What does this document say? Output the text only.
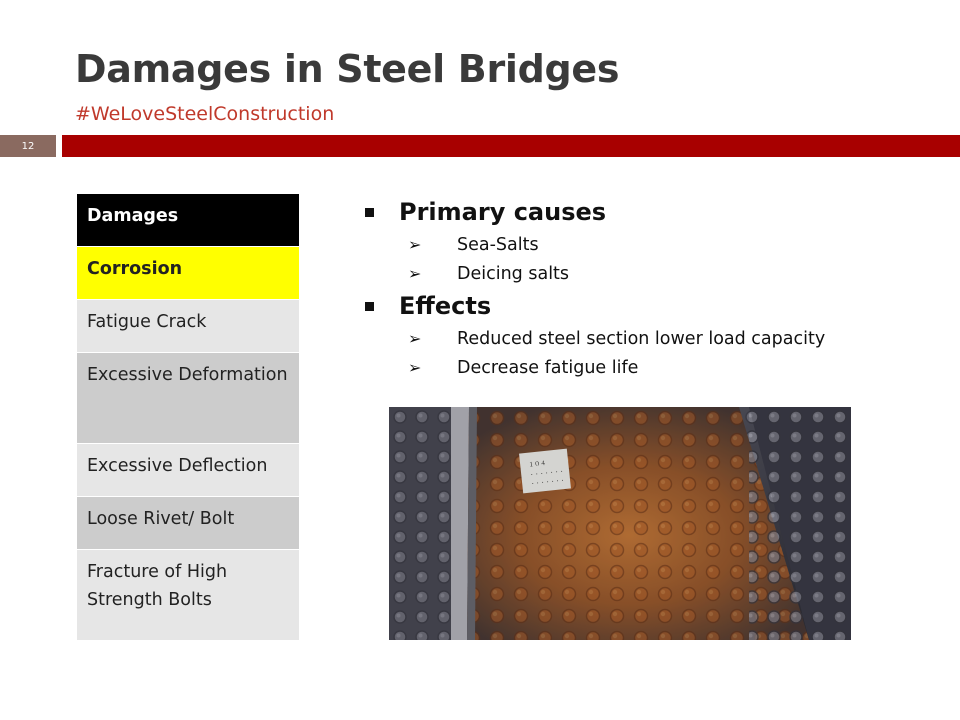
Damages in Steel Bridges
#WeLoveSteelConstruction
12
Damages
Corrosion
Fatigue Crack
Excessive Deformation
Excessive Deflection
Loose Rivet/ Bolt
Fracture of High Strength Bolts
Primary causes
➢	Sea-Salts
➢	Deicing salts
Effects
➢	Reduced steel section lower load capacity
➢	Decrease fatigue life
１０４
・・・・・・・
・・・・・・・
